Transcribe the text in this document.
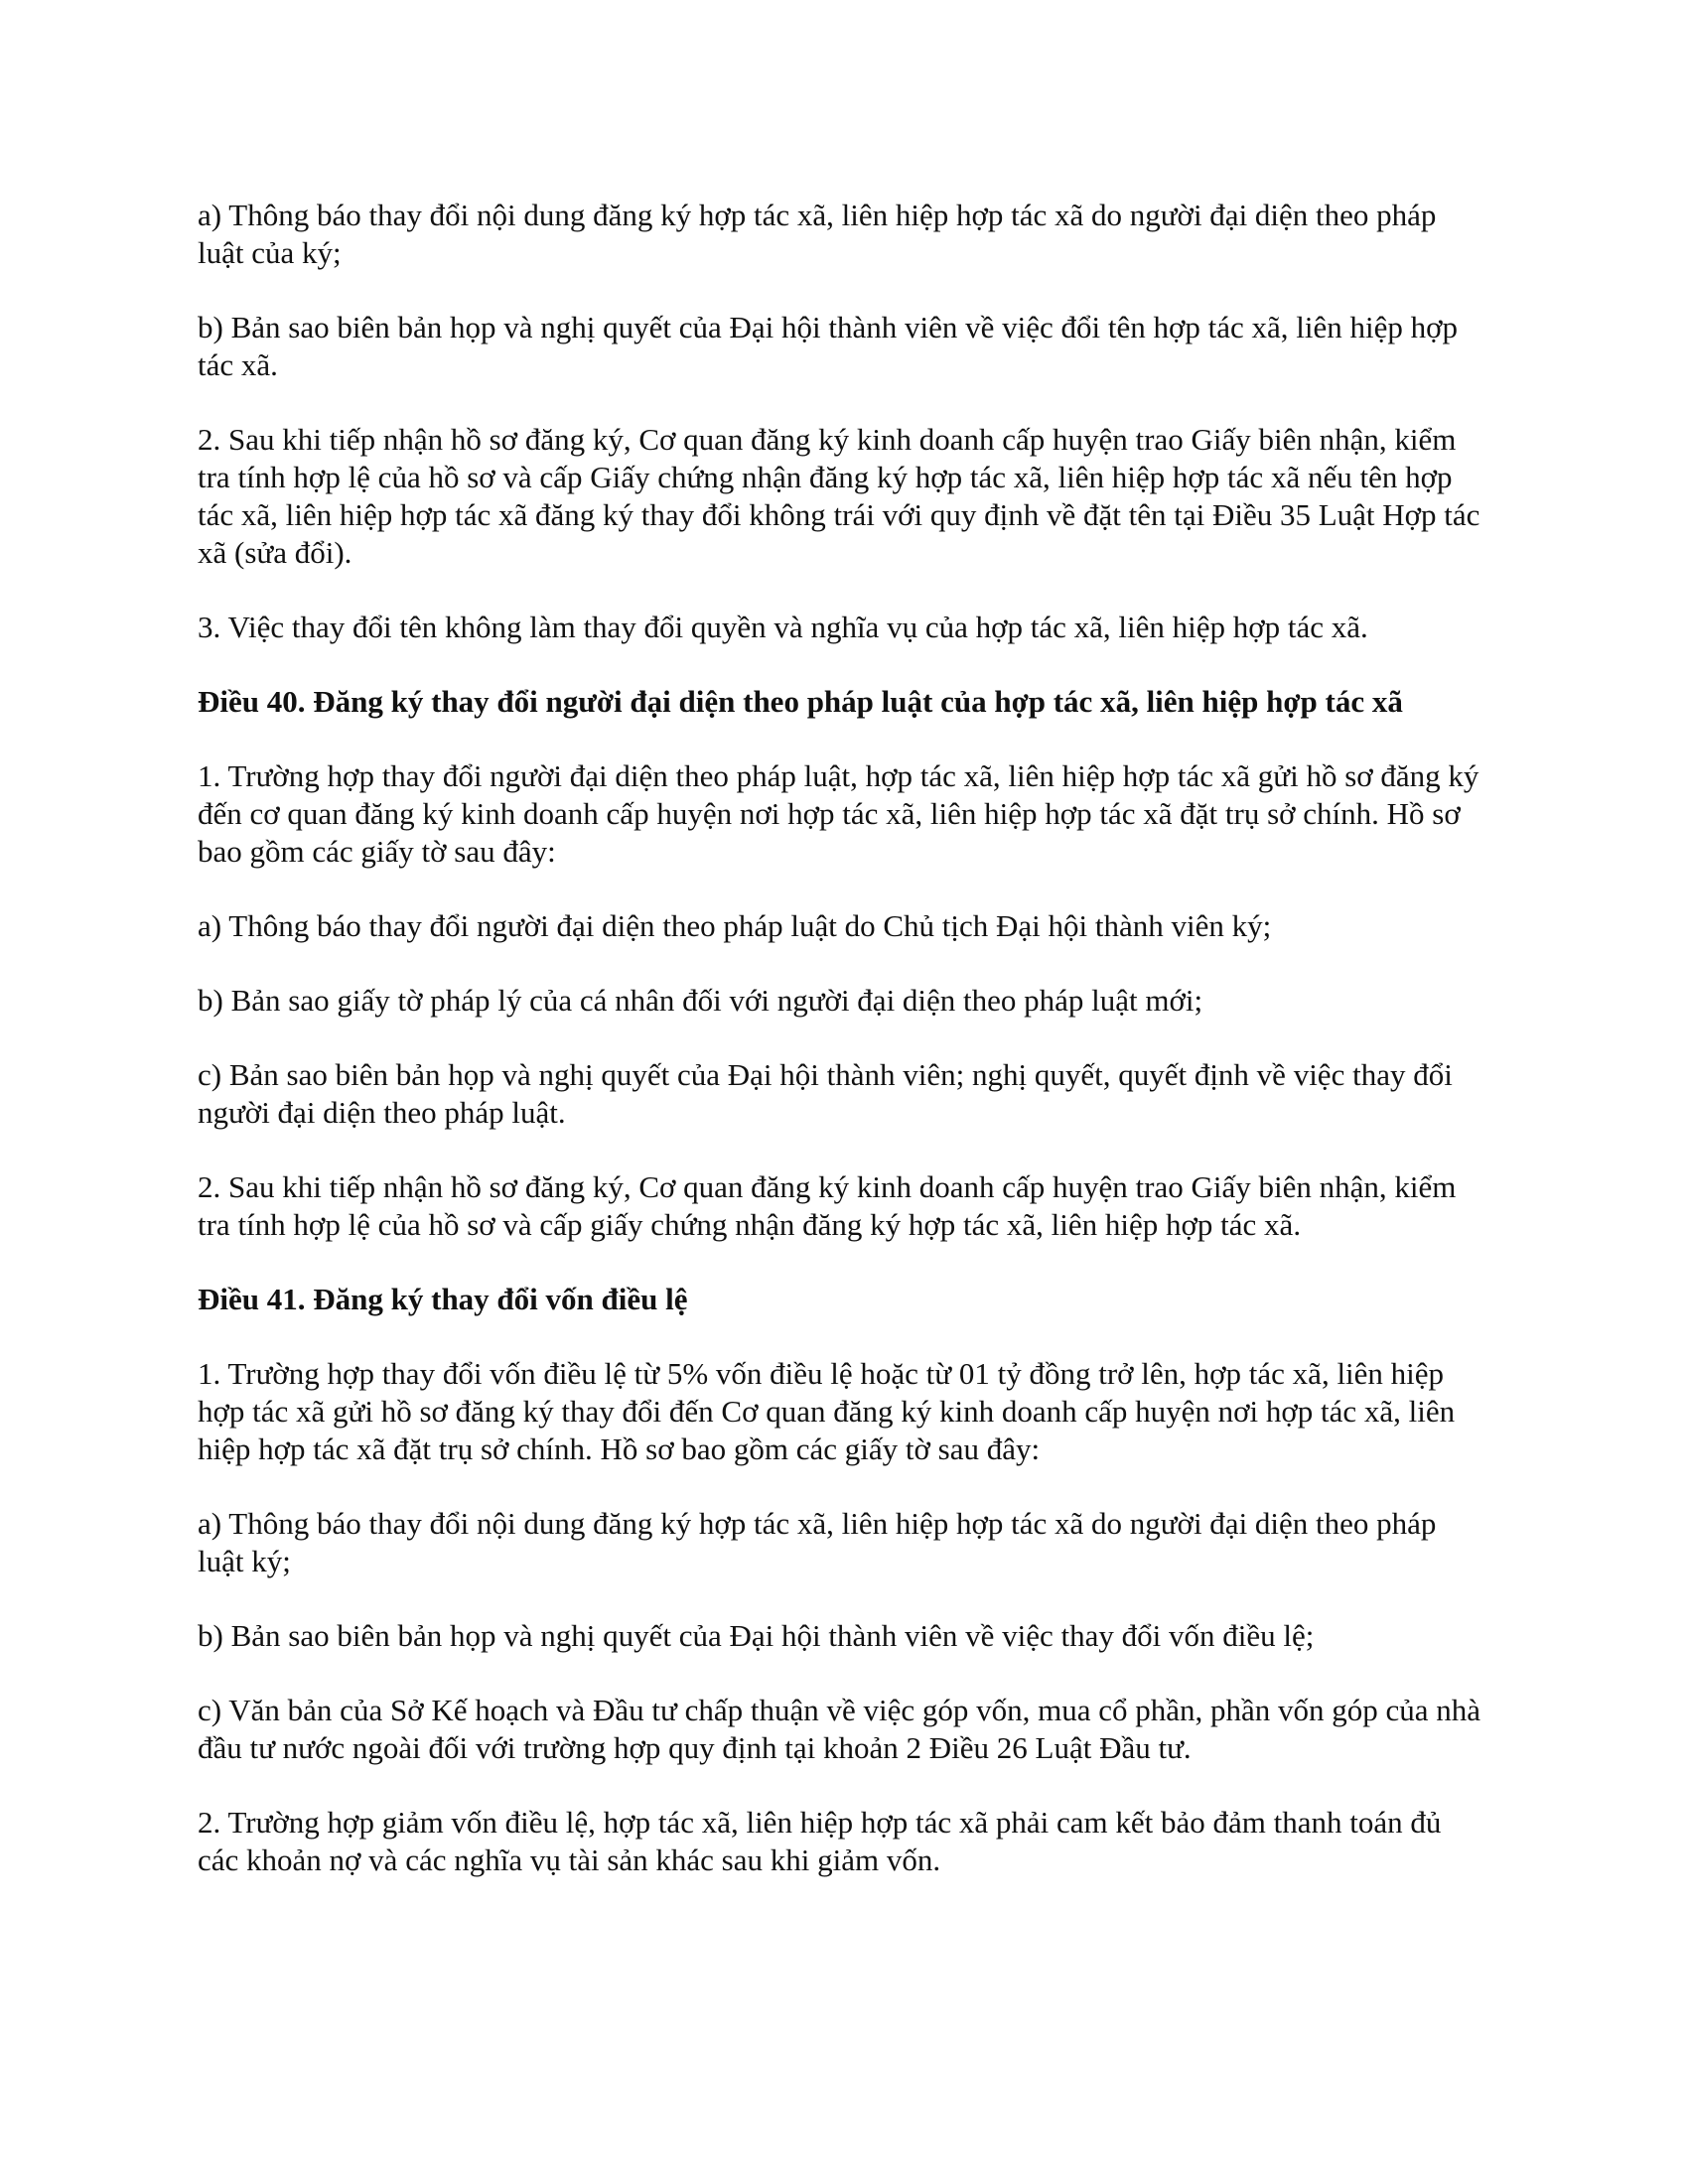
a) Thông báo thay đổi nội dung đăng ký hợp tác xã, liên hiệp hợp tác xã do người đại diện theo pháp luật của ký;

b) Bản sao biên bản họp và nghị quyết của Đại hội thành viên về việc đổi tên hợp tác xã, liên hiệp hợp tác xã.

2. Sau khi tiếp nhận hồ sơ đăng ký, Cơ quan đăng ký kinh doanh cấp huyện trao Giấy biên nhận, kiểm tra tính hợp lệ của hồ sơ và cấp Giấy chứng nhận đăng ký hợp tác xã, liên hiệp hợp tác xã nếu tên hợp tác xã, liên hiệp hợp tác xã đăng ký thay đổi không trái với quy định về đặt tên tại Điều 35 Luật Hợp tác xã (sửa đổi).

3. Việc thay đổi tên không làm thay đổi quyền và nghĩa vụ của hợp tác xã, liên hiệp hợp tác xã.

Điều 40. Đăng ký thay đổi người đại diện theo pháp luật của hợp tác xã, liên hiệp hợp tác xã

1. Trường hợp thay đổi người đại diện theo pháp luật, hợp tác xã, liên hiệp hợp tác xã gửi hồ sơ đăng ký đến cơ quan đăng ký kinh doanh cấp huyện nơi hợp tác xã, liên hiệp hợp tác xã đặt trụ sở chính. Hồ sơ bao gồm các giấy tờ sau đây:

a) Thông báo thay đổi người đại diện theo pháp luật do Chủ tịch Đại hội thành viên ký;

b) Bản sao giấy tờ pháp lý của cá nhân đối với người đại diện theo pháp luật mới;

c) Bản sao biên bản họp và nghị quyết của Đại hội thành viên; nghị quyết, quyết định về việc thay đổi người đại diện theo pháp luật.

2. Sau khi tiếp nhận hồ sơ đăng ký, Cơ quan đăng ký kinh doanh cấp huyện trao Giấy biên nhận, kiểm tra tính hợp lệ của hồ sơ và cấp giấy chứng nhận đăng ký hợp tác xã, liên hiệp hợp tác xã.

Điều 41. Đăng ký thay đổi vốn điều lệ

1. Trường hợp thay đổi vốn điều lệ từ 5% vốn điều lệ hoặc từ 01 tỷ đồng trở lên, hợp tác xã, liên hiệp hợp tác xã gửi hồ sơ đăng ký thay đổi đến Cơ quan đăng ký kinh doanh cấp huyện nơi hợp tác xã, liên hiệp hợp tác xã đặt trụ sở chính. Hồ sơ bao gồm các giấy tờ sau đây:

a) Thông báo thay đổi nội dung đăng ký hợp tác xã, liên hiệp hợp tác xã do người đại diện theo pháp luật ký;

b) Bản sao biên bản họp và nghị quyết của Đại hội thành viên về việc thay đổi vốn điều lệ;

c) Văn bản của Sở Kế hoạch và Đầu tư chấp thuận về việc góp vốn, mua cổ phần, phần vốn góp của nhà đầu tư nước ngoài đối với trường hợp quy định tại khoản 2 Điều 26 Luật Đầu tư.

2. Trường hợp giảm vốn điều lệ, hợp tác xã, liên hiệp hợp tác xã phải cam kết bảo đảm thanh toán đủ các khoản nợ và các nghĩa vụ tài sản khác sau khi giảm vốn.
